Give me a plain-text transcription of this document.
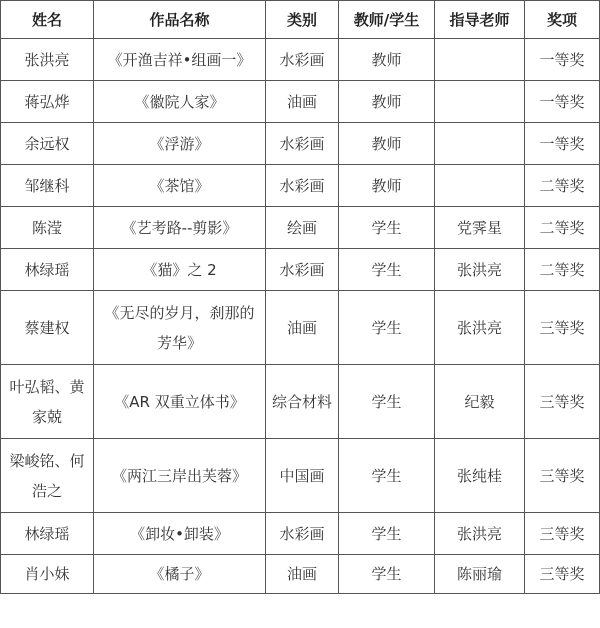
姓名	作品名称	类别	教师/学生	指导老师	奖项
张洪亮	《开渔吉祥•组画一》	水彩画	教师		一等奖
蒋弘烨	《徽院人家》	油画	教师		一等奖
余远权	《浮游》	水彩画	教师		一等奖
邹继科	《茶馆》	水彩画	教师		二等奖
陈滢	《艺考路--剪影》	绘画	学生	党霁星	二等奖
林绿瑶	《猫》之 2	水彩画	学生	张洪亮	二等奖
蔡建权	《无尽的岁月，刹那的芳华》	油画	学生	张洪亮	三等奖
叶弘韬、黄家兢	《AR 双重立体书》	综合材料	学生	纪毅	三等奖
梁峻铭、何浩之	《两江三岸出芙蓉》	中国画	学生	张纯桂	三等奖
林绿瑶	《卸妆•卸装》	水彩画	学生	张洪亮	三等奖
肖小妹	《橘子》	油画	学生	陈丽瑜	三等奖
